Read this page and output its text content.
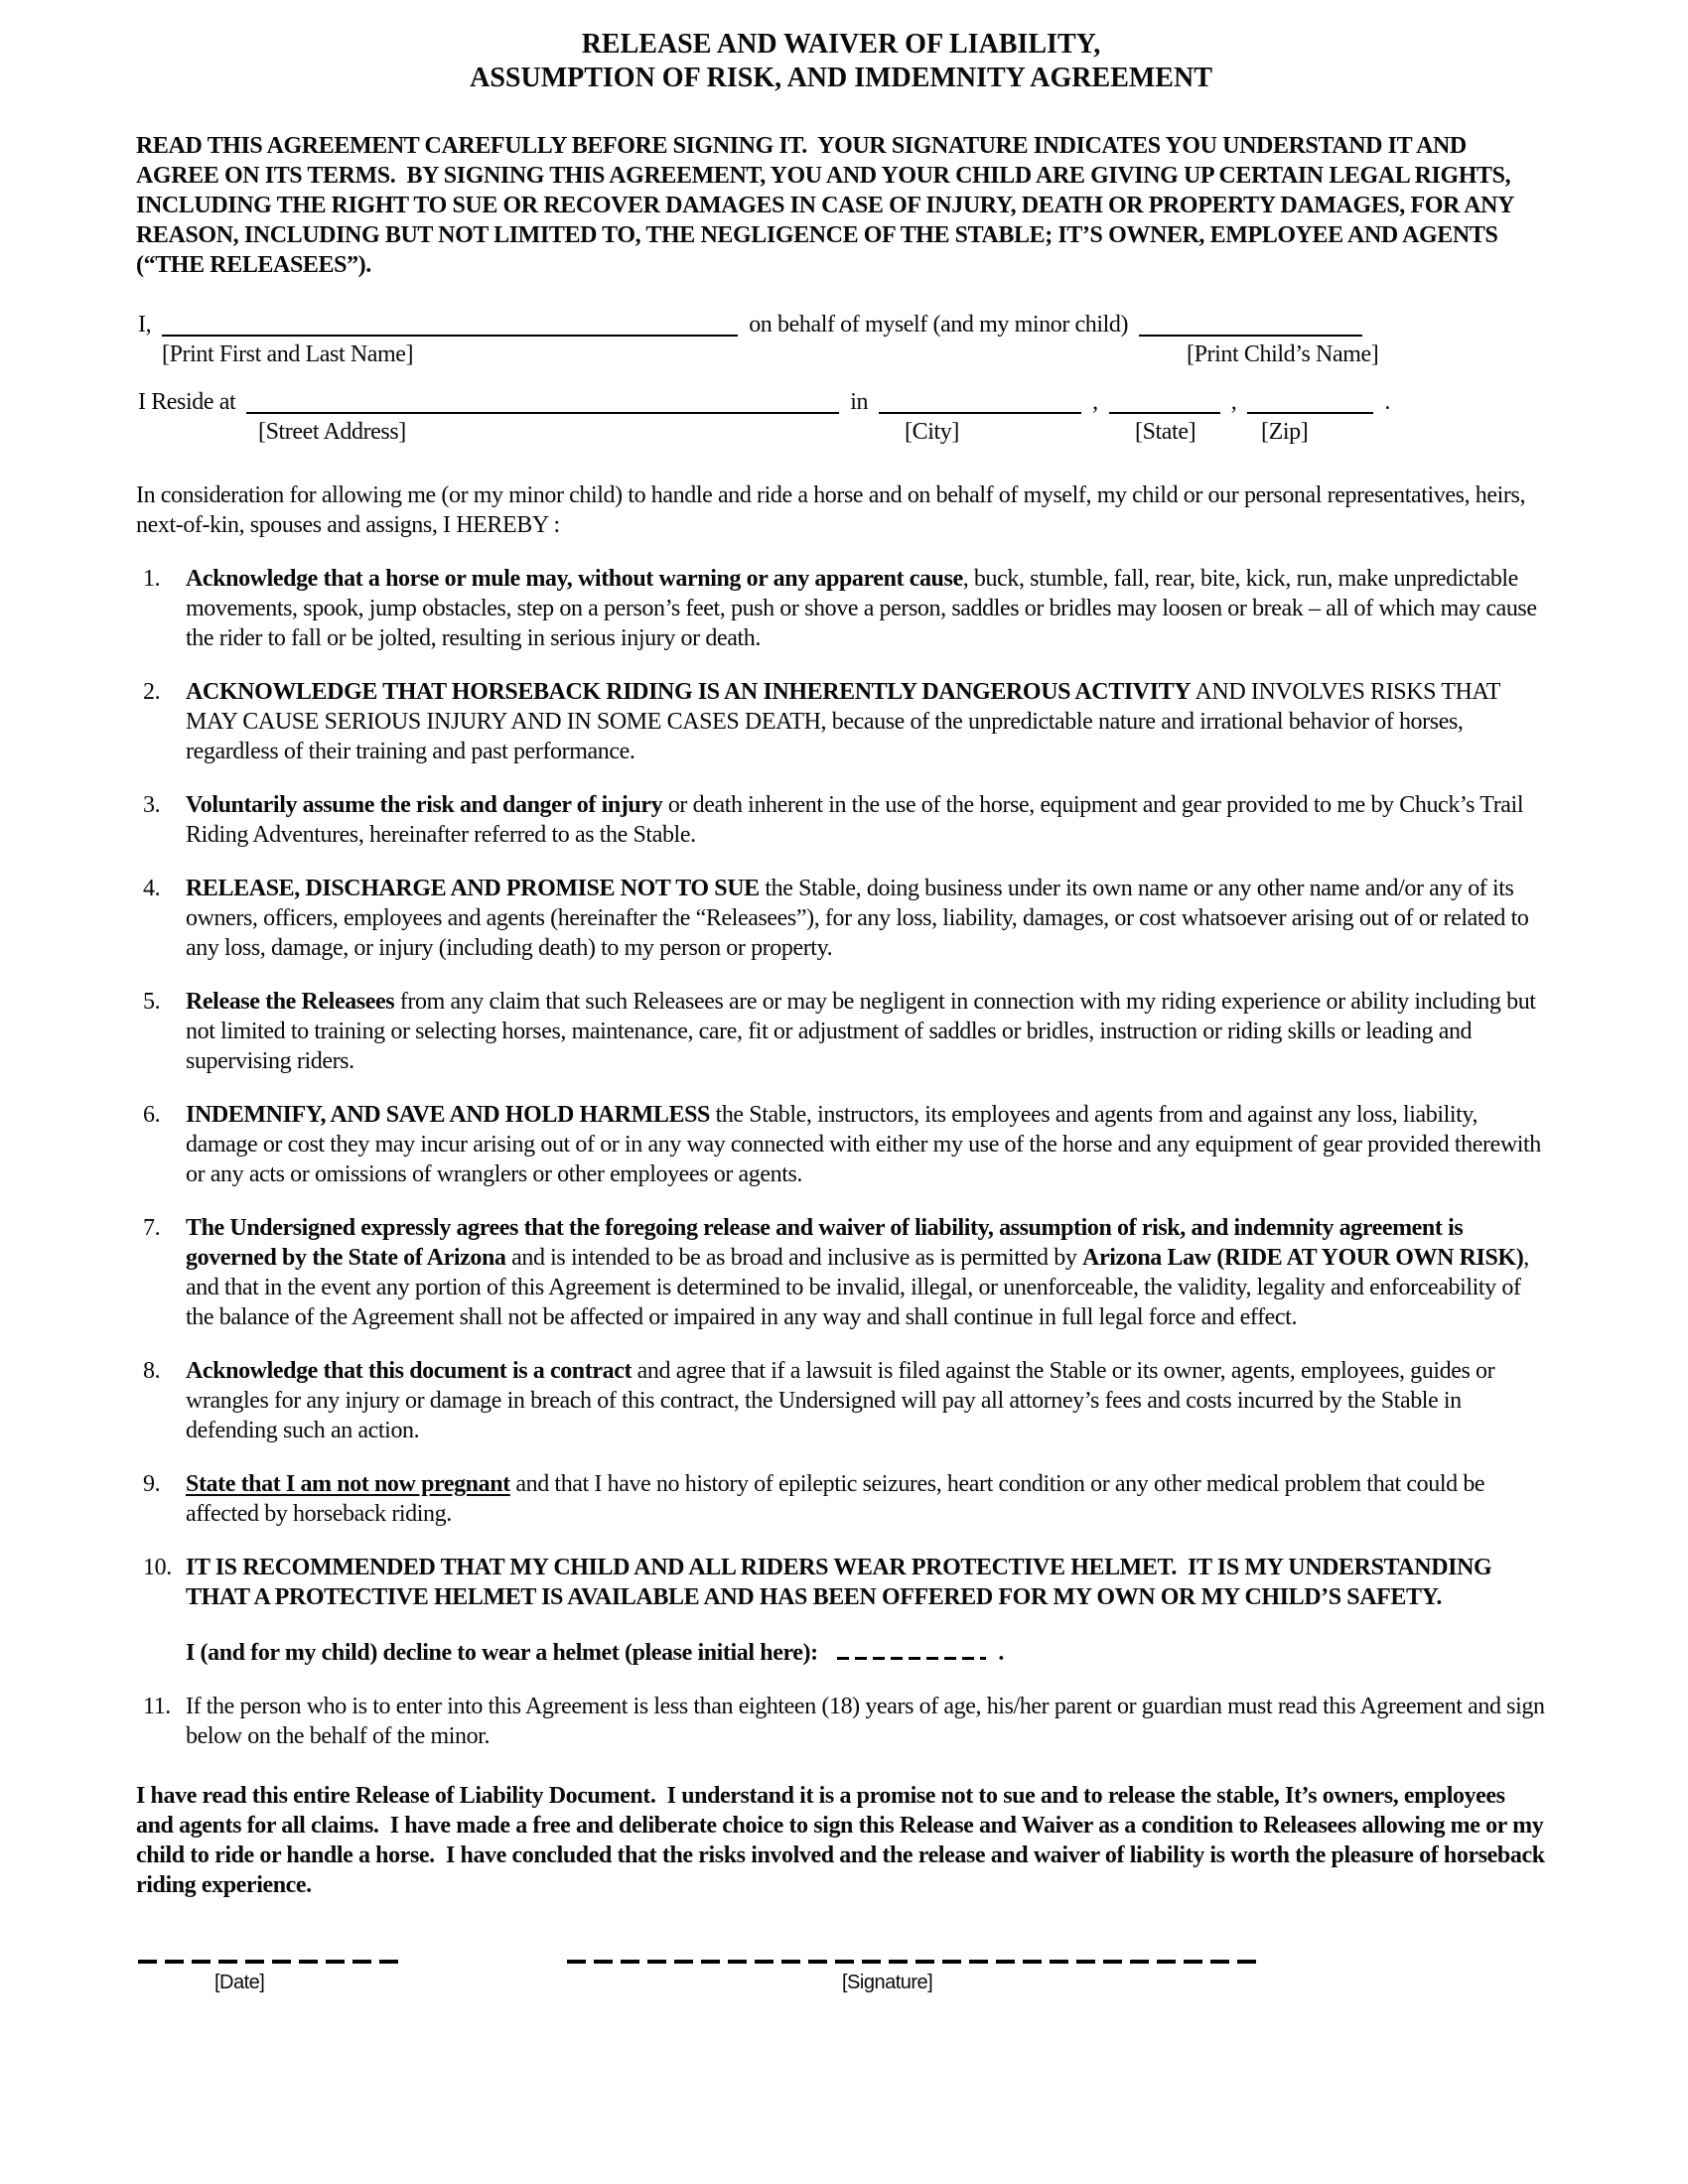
RELEASE AND WAIVER OF LIABILITY,
ASSUMPTION OF RISK, AND IMDEMNITY AGREEMENT

READ THIS AGREEMENT CAREFULLY BEFORE SIGNING IT.  YOUR SIGNATURE INDICATES YOU UNDERSTAND IT AND AGREE ON ITS TERMS.  BY SIGNING THIS AGREEMENT, YOU AND YOUR CHILD ARE GIVING UP CERTAIN LEGAL RIGHTS, INCLUDING THE RIGHT TO SUE OR RECOVER DAMAGES IN CASE OF INJURY, DEATH OR PROPERTY DAMAGES, FOR ANY REASON, INCLUDING BUT NOT LIMITED TO, THE NEGLIGENCE OF THE STABLE; IT’S OWNER, EMPLOYEE AND AGENTS (“THE RELEASEES”).

I,	on behalf of myself (and my minor child)
[Print First and Last Name]	[Print Child’s Name]
I Reside at	in	,	,	.
[Street Address]	[City]	[State]	[Zip]

In consideration for allowing me (or my minor child) to handle and ride a horse and on behalf of myself, my child or our personal representatives, heirs, next-of-kin, spouses and assigns, I HEREBY :

1. Acknowledge that a horse or mule may, without warning or any apparent cause, buck, stumble, fall, rear, bite, kick, run, make unpredictable movements, spook, jump obstacles, step on a person’s feet, push or shove a person, saddles or bridles may loosen or break – all of which may cause the rider to fall or be jolted, resulting in serious injury or death.
2. ACKNOWLEDGE THAT HORSEBACK RIDING IS AN INHERENTLY DANGEROUS ACTIVITY AND INVOLVES RISKS THAT MAY CAUSE SERIOUS INJURY AND IN SOME CASES DEATH, because of the unpredictable nature and irrational behavior of horses, regardless of their training and past performance.
3. Voluntarily assume the risk and danger of injury or death inherent in the use of the horse, equipment and gear provided to me by Chuck’s Trail Riding Adventures, hereinafter referred to as the Stable.
4. RELEASE, DISCHARGE AND PROMISE NOT TO SUE the Stable, doing business under its own name or any other name and/or any of its owners, officers, employees and agents (hereinafter the “Releasees”), for any loss, liability, damages, or cost whatsoever arising out of or related to any loss, damage, or injury (including death) to my person or property.
5. Release the Releasees from any claim that such Releasees are or may be negligent in connection with my riding experience or ability including but not limited to training or selecting horses, maintenance, care, fit or adjustment of saddles or bridles, instruction or riding skills or leading and supervising riders.
6. INDEMNIFY, AND SAVE AND HOLD HARMLESS the Stable, instructors, its employees and agents from and against any loss, liability, damage or cost they may incur arising out of or in any way connected with either my use of the horse and any equipment of gear provided therewith or any acts or omissions of wranglers or other employees or agents.
7. The Undersigned expressly agrees that the foregoing release and waiver of liability, assumption of risk, and indemnity agreement is governed by the State of Arizona and is intended to be as broad and inclusive as is permitted by Arizona Law (RIDE AT YOUR OWN RISK), and that in the event any portion of this Agreement is determined to be invalid, illegal, or unenforceable, the validity, legality and enforceability of the balance of the Agreement shall not be affected or impaired in any way and shall continue in full legal force and effect.
8. Acknowledge that this document is a contract and agree that if a lawsuit is filed against the Stable or its owner, agents, employees, guides or wrangles for any injury or damage in breach of this contract, the Undersigned will pay all attorney’s fees and costs incurred by the Stable in defending such an action.
9. State that I am not now pregnant and that I have no history of epileptic seizures, heart condition or any other medical problem that could be affected by horseback riding.
10. IT IS RECOMMENDED THAT MY CHILD AND ALL RIDERS WEAR PROTECTIVE HELMET.  IT IS MY UNDERSTANDING THAT A PROTECTIVE HELMET IS AVAILABLE AND HAS BEEN OFFERED FOR MY OWN OR MY CHILD’S SAFETY.
I (and for my child) decline to wear a helmet (please initial here):	.
11. If the person who is to enter into this Agreement is less than eighteen (18) years of age, his/her parent or guardian must read this Agreement and sign below on the behalf of the minor.

I have read this entire Release of Liability Document.  I understand it is a promise not to sue and to release the stable, It’s owners, employees and agents for all claims.  I have made a free and deliberate choice to sign this Release and Waiver as a condition to Releasees allowing me or my child to ride or handle a horse.  I have concluded that the risks involved and the release and waiver of liability is worth the pleasure of horseback riding experience.

[Date]	[Signature]
